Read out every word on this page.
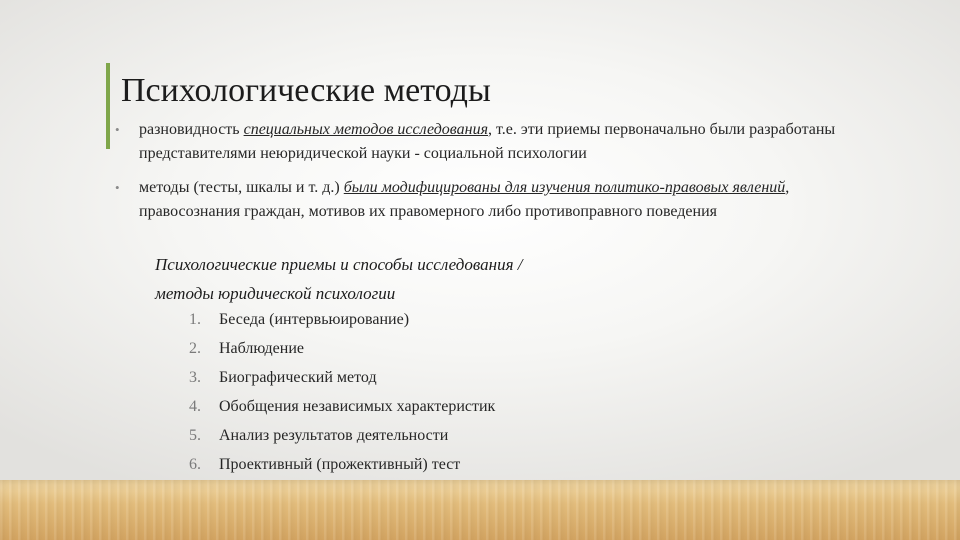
Психологические методы
• разновидность специальных методов исследования, т.е. эти приемы первоначально были разработаны представителями неюридической науки - социальной психологии
• методы (тесты, шкалы и т. д.) были модифицированы для изучения политико-правовых явлений, правосознания граждан, мотивов их правомерного либо противоправного поведения
Психологические приемы и способы исследования /
методы юридической психологии
1. Беседа (интервьюирование)
2. Наблюдение
3. Биографический метод
4. Обобщения независимых характеристик
5. Анализ результатов деятельности
6. Проективный (прожективный) тест
